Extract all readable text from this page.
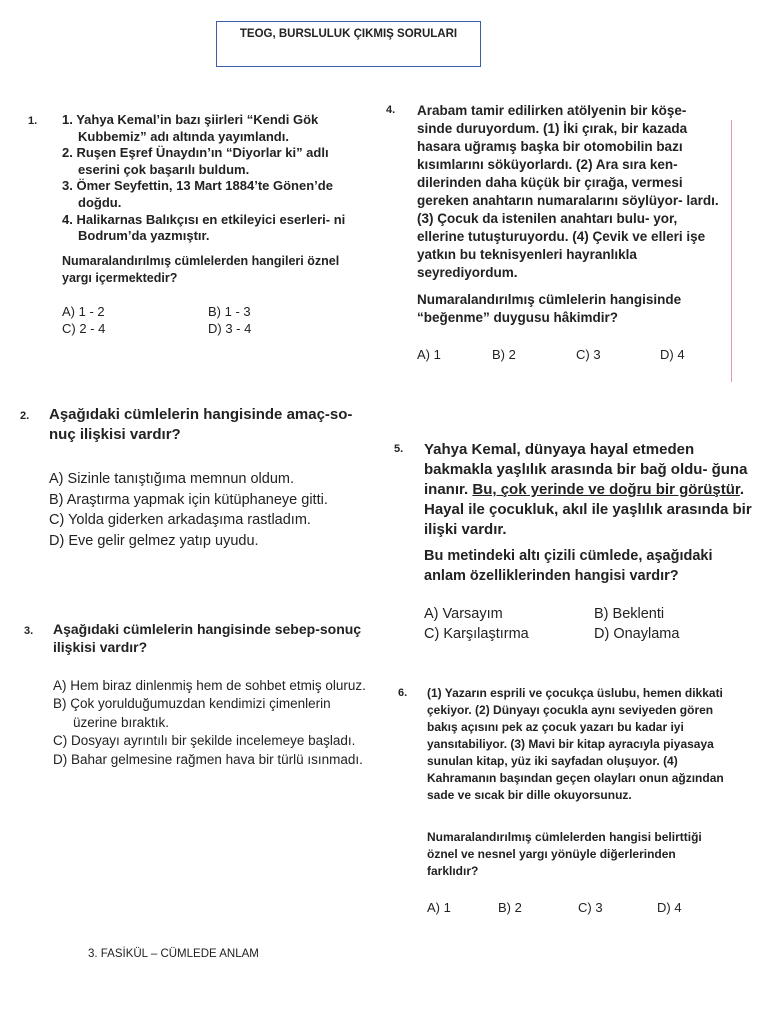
TEOG, BURSLULUK ÇIKMIŞ SORULARI
1. 1. Yahya Kemal’in bazı şiirleri “Kendi Gök Kubbemiz” adı altında yayımlandı.
2. Ruşen Eşref Ünaydın’ın “Diyorlar ki” adlı eserini çok başarılı buldum.
3. Ömer Seyfettin, 13 Mart 1884’te Gönen’de doğdu.
4. Halikarnas Balıkçısı en etkileyici eserleri- ni Bodrum’da yazmıştır.
Numaralandırılmış cümlelerden hangileri öznel yargı içermektedir?
A) 1 - 2	B) 1 - 3
C) 2 - 4	D) 3 - 4
2. Aşağıdaki cümlelerin hangisinde amaç-so- nuç ilişkisi vardır?
A) Sizinle tanıştığıma memnun oldum.
B) Araştırma yapmak için kütüphaneye gitti.
C) Yolda giderken arkadaşıma rastladım.
D) Eve gelir gelmez yatıp uyudu.
3. Aşağıdaki cümlelerin hangisinde sebep-sonuç ilişkisi vardır?
A) Hem biraz dinlenmiş hem de sohbet etmiş oluruz.
B) Çok yorulduğumuzdan kendimizi çimenlerin üzerine bıraktık.
C) Dosyayı ayrıntılı bir şekilde incelemeye başladı.
D) Bahar gelmesine rağmen hava bir türlü ısınmadı.
4. Arabam tamir edilirken atölyenin bir köşe- sinde duruyordum. (1) İki çırak, bir kazada hasara uğramış başka bir otomobilin bazı kısımlarını söküyorlardı. (2) Ara sıra ken- dilerinden daha küçük bir çırağa, vermesi gereken anahtarın numaralarını söylüyor- lardı. (3) Çocuk da istenilen anahtarı bulu- yor, ellerine tutuşturuyordu. (4) Çevik ve elleri işe yatkın bu teknisyenleri hayranlıkla seyrediyordum.
Numaralandırılmış cümlelerin hangisinde “beğenme” duygusu hâkimdir?
A) 1	B) 2	C) 3	D) 4
5. Yahya Kemal, dünyaya hayal etmeden bakmakla yaşlılık arasında bir bağ oldu- ğuna inanır. Bu, çok yerinde ve doğru bir görüştür. Hayal ile çocukluk, akıl ile yaşlılık arasında bir ilişki vardır.
Bu metindeki altı çizili cümlede, aşağıdaki anlam özelliklerinden hangisi vardır?
A) Varsayım	B) Beklenti
C) Karşılaştırma	D) Onaylama
6. (1) Yazarın esprili ve çocukça üslubu, hemen dikkati çekiyor. (2) Dünyayı çocukla aynı seviyeden gören bakış açısını pek az çocuk yazarı bu kadar iyi yansıtabiliyor. (3) Mavi bir kitap ayracıyla piyasaya sunulan kitap, yüz iki sayfadan oluşuyor. (4) Kahramanın başından geçen olayları onun ağzından sade ve sıcak bir dille okuyorsunuz.
Numaralandırılmış cümlelerden hangisi belirttiği öznel ve nesnel yargı yönüyle diğerlerinden farklıdır?
A) 1	B) 2	C) 3	D) 4
3. FASİKÜL – CÜMLEDE ANLAM
